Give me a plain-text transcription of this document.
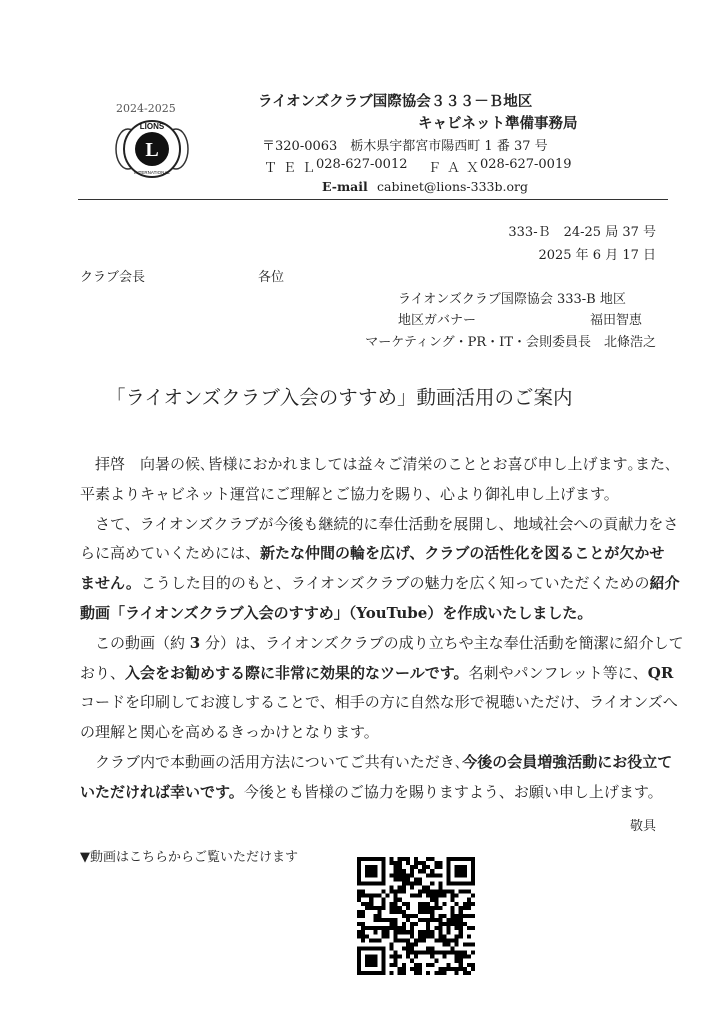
2024-2025
L
LIONS
INTERNATIONAL
ライオンズクラブ国際協会３３３－Ｂ地区
キャビネット準備事務局
〒320-0063　栃木県宇都宮市陽西町 1 番 37 号
ＴＥＬ
028-627-0012 ＦＡＸ
028-627-0019
E-mail cabinet@lions-333b.org
333-Ｂ　24-25 局 37 号
2025 年 6 月 17 日
クラブ会長	各位
ライオンズクラブ国際協会 333-B 地区
地区ガバナー	福田智恵
マーケティング・PR・IT・会則委員長　北條浩之
「ライオンズクラブ入会のすすめ」動画活用のご案内
　拝啓　向暑の候､皆様におかれましては益々ご清栄のこととお喜び申し上げます｡また､
平素よりキャビネット運営にご理解とご協力を賜り、心より御礼申し上げます。
　さて、ライオンズクラブが今後も継続的に奉仕活動を展開し、地域社会への貢献力をさ
らに高めていくためには、新たな仲間の輪を広げ、クラブの活性化を図ることが欠かせ
ません。こうした目的のもと、ライオンズクラブの魅力を広く知っていただくための紹介
動画「ライオンズクラブ入会のすすめ」（YouTube）を作成いたしました。
　この動画（約 3 分）は、ライオンズクラブの成り立ちや主な奉仕活動を簡潔に紹介して
おり、入会をお勧めする際に非常に効果的なツールです。名刺やパンフレット等に、QR
コードを印刷してお渡しすることで、相手の方に自然な形で視聴いただけ、ライオンズへ
の理解と関心を高めるきっかけとなります。
　クラブ内で本動画の活用方法についてご共有いただき､今後の会員増強活動にお役立て
いただければ幸いです。今後とも皆様のご協力を賜りますよう、お願い申し上げます。
敬具
▼動画はこちらからご覧いただけます
